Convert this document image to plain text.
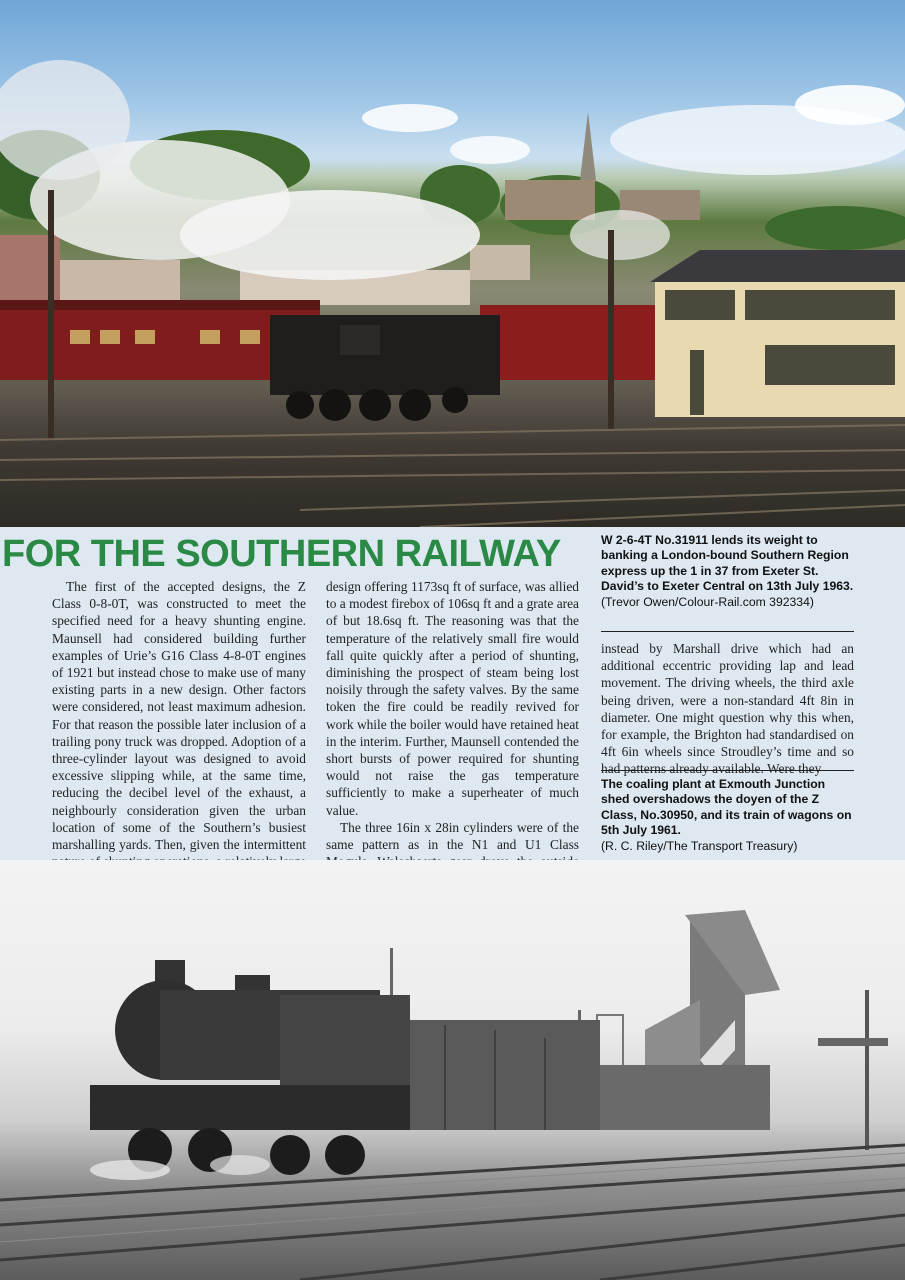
FOR THE SOUTHERN RAILWAY

The first of the accepted designs, the Z Class 0-8-0T, was constructed to meet the specified need for a heavy shunting engine. Maunsell had considered building further examples of Urie’s G16 Class 4-8-0T engines of 1921 but instead chose to make use of many existing parts in a new design. Other factors were considered, not least maximum adhesion. For that reason the possible later inclusion of a trailing pony truck was dropped. Adoption of a three-cylinder layout was designed to avoid excessive slipping while, at the same time, reducing the decibel level of the exhaust, a neighbourly consideration given the urban location of some of the Southern’s busiest marshalling yards. Then, given the intermittent

design offering 1173sq ft of surface, was allied to a modest firebox of 106sq ft and a grate area of but 18.6sq ft. The reasoning was that the temperature of the relatively small fire would fall quite quickly after a period of shunting, diminishing the prospect of steam being lost noisily through the safety valves. By the same token the fire could be readily revived for work while the boiler would have retained heat in the interim. Further, Maunsell contended the short bursts of power required for shunting would not raise the gas temperature sufficiently to make a superheater of much value.

The three 16in x 28in cylinders were of the same pattern as in the N1 and U1 Class

instead by Marshall drive which had an additional eccentric providing lap and lead movement. The driving wheels, the third axle being driven, were a non-standard 4ft 8in in diameter. One might question why this when, for example, the Brighton had standardised on 4ft 6in wheels since Stroudley’s time and so had patterns already available. Were they

W 2-6-4T No.31911 lends its weight to banking a London-bound Southern Region express up the 1 in 37 from Exeter St. David’s to Exeter Central on 13th July 1963. (Trevor Owen/Colour-Rail.com 392334)
The coaling plant at Exmouth Junction shed overshadows the doyen of the Z Class, No.30950, and its train of wagons on 5th July 1961.
(R. C. Riley/The Transport Treasury)
